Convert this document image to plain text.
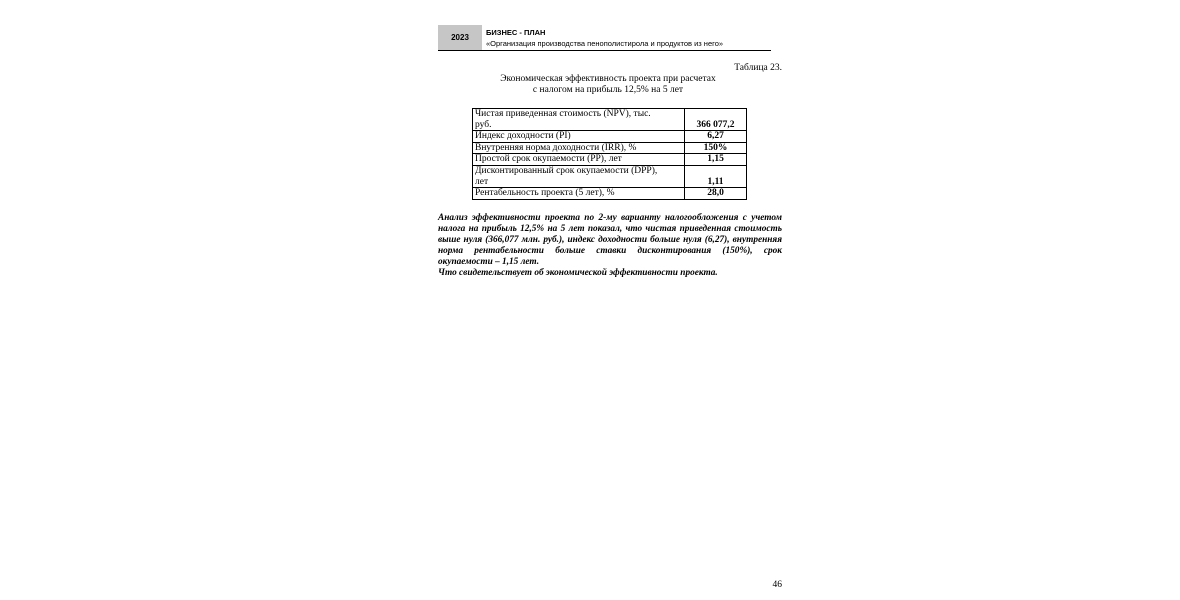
2023
БИЗНЕС - ПЛАН
«Организация производства пенополистирола и продуктов из него»
Таблица 23.
Экономическая эффективность проекта при расчетах
с налогом на прибыль 12,5% на 5 лет
Чистая приведенная стоимость (NPV), тыс.
руб.	366 077,2
Индекс доходности (PI)	6,27
Внутренняя норма доходности (IRR), %	150%
Простой срок окупаемости (PP), лет	1,15
Дисконтированный срок окупаемости (DPP),
лет	1,11
Рентабельность проекта (5 лет), %	28,0

Анализ эффективности проекта по 2-му варианту налогообложения с учетом налога на прибыль 12,5% на 5 лет показал, что чистая приведенная стоимость выше нуля (366,077 млн. руб.), индекс доходности больше нуля (6,27), внутренняя норма рентабельности больше ставки дисконтирования (150%), срок окупаемости – 1,15 лет.

Что свидетельствует об экономической эффективности проекта.

46
